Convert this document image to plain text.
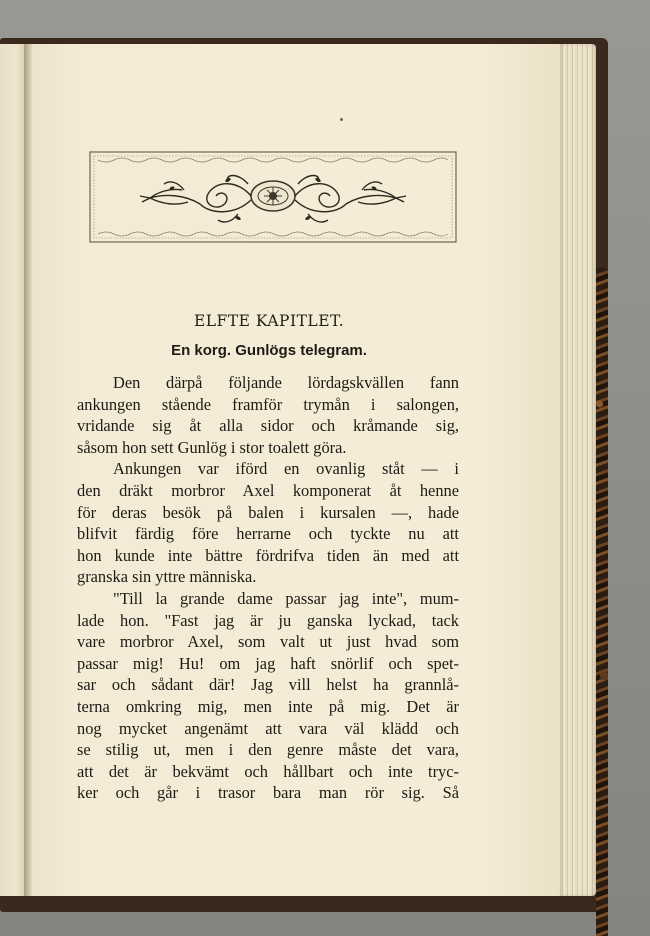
ELFTE KAPITLET.
En korg. Gunlögs telegram.
Den därpå följande lördagskvällen fann
ankungen stående framför trymån i salongen,
vridande sig åt alla sidor och kråmande sig,
såsom hon sett Gunlög i stor toalett göra.
Ankungen var iförd en ovanlig ståt — i
den dräkt morbror Axel komponerat åt henne
för deras besök på balen i kursalen —, hade
blifvit färdig före herrarne och tyckte nu att
hon kunde inte bättre fördrifva tiden än med att
granska sin yttre människa.
"Till la grande dame passar jag inte", mum-
lade hon. "Fast jag är ju ganska lyckad, tack
vare morbror Axel, som valt ut just hvad som
passar mig! Hu! om jag haft snörlif och spet-
sar och sådant där! Jag vill helst ha grannlå-
terna omkring mig, men inte på mig. Det är
nog mycket angenämt att vara väl klädd och
se stilig ut, men i den genre måste det vara,
att det är bekvämt och hållbart och inte tryc-
ker och går i trasor bara man rör sig. Så
